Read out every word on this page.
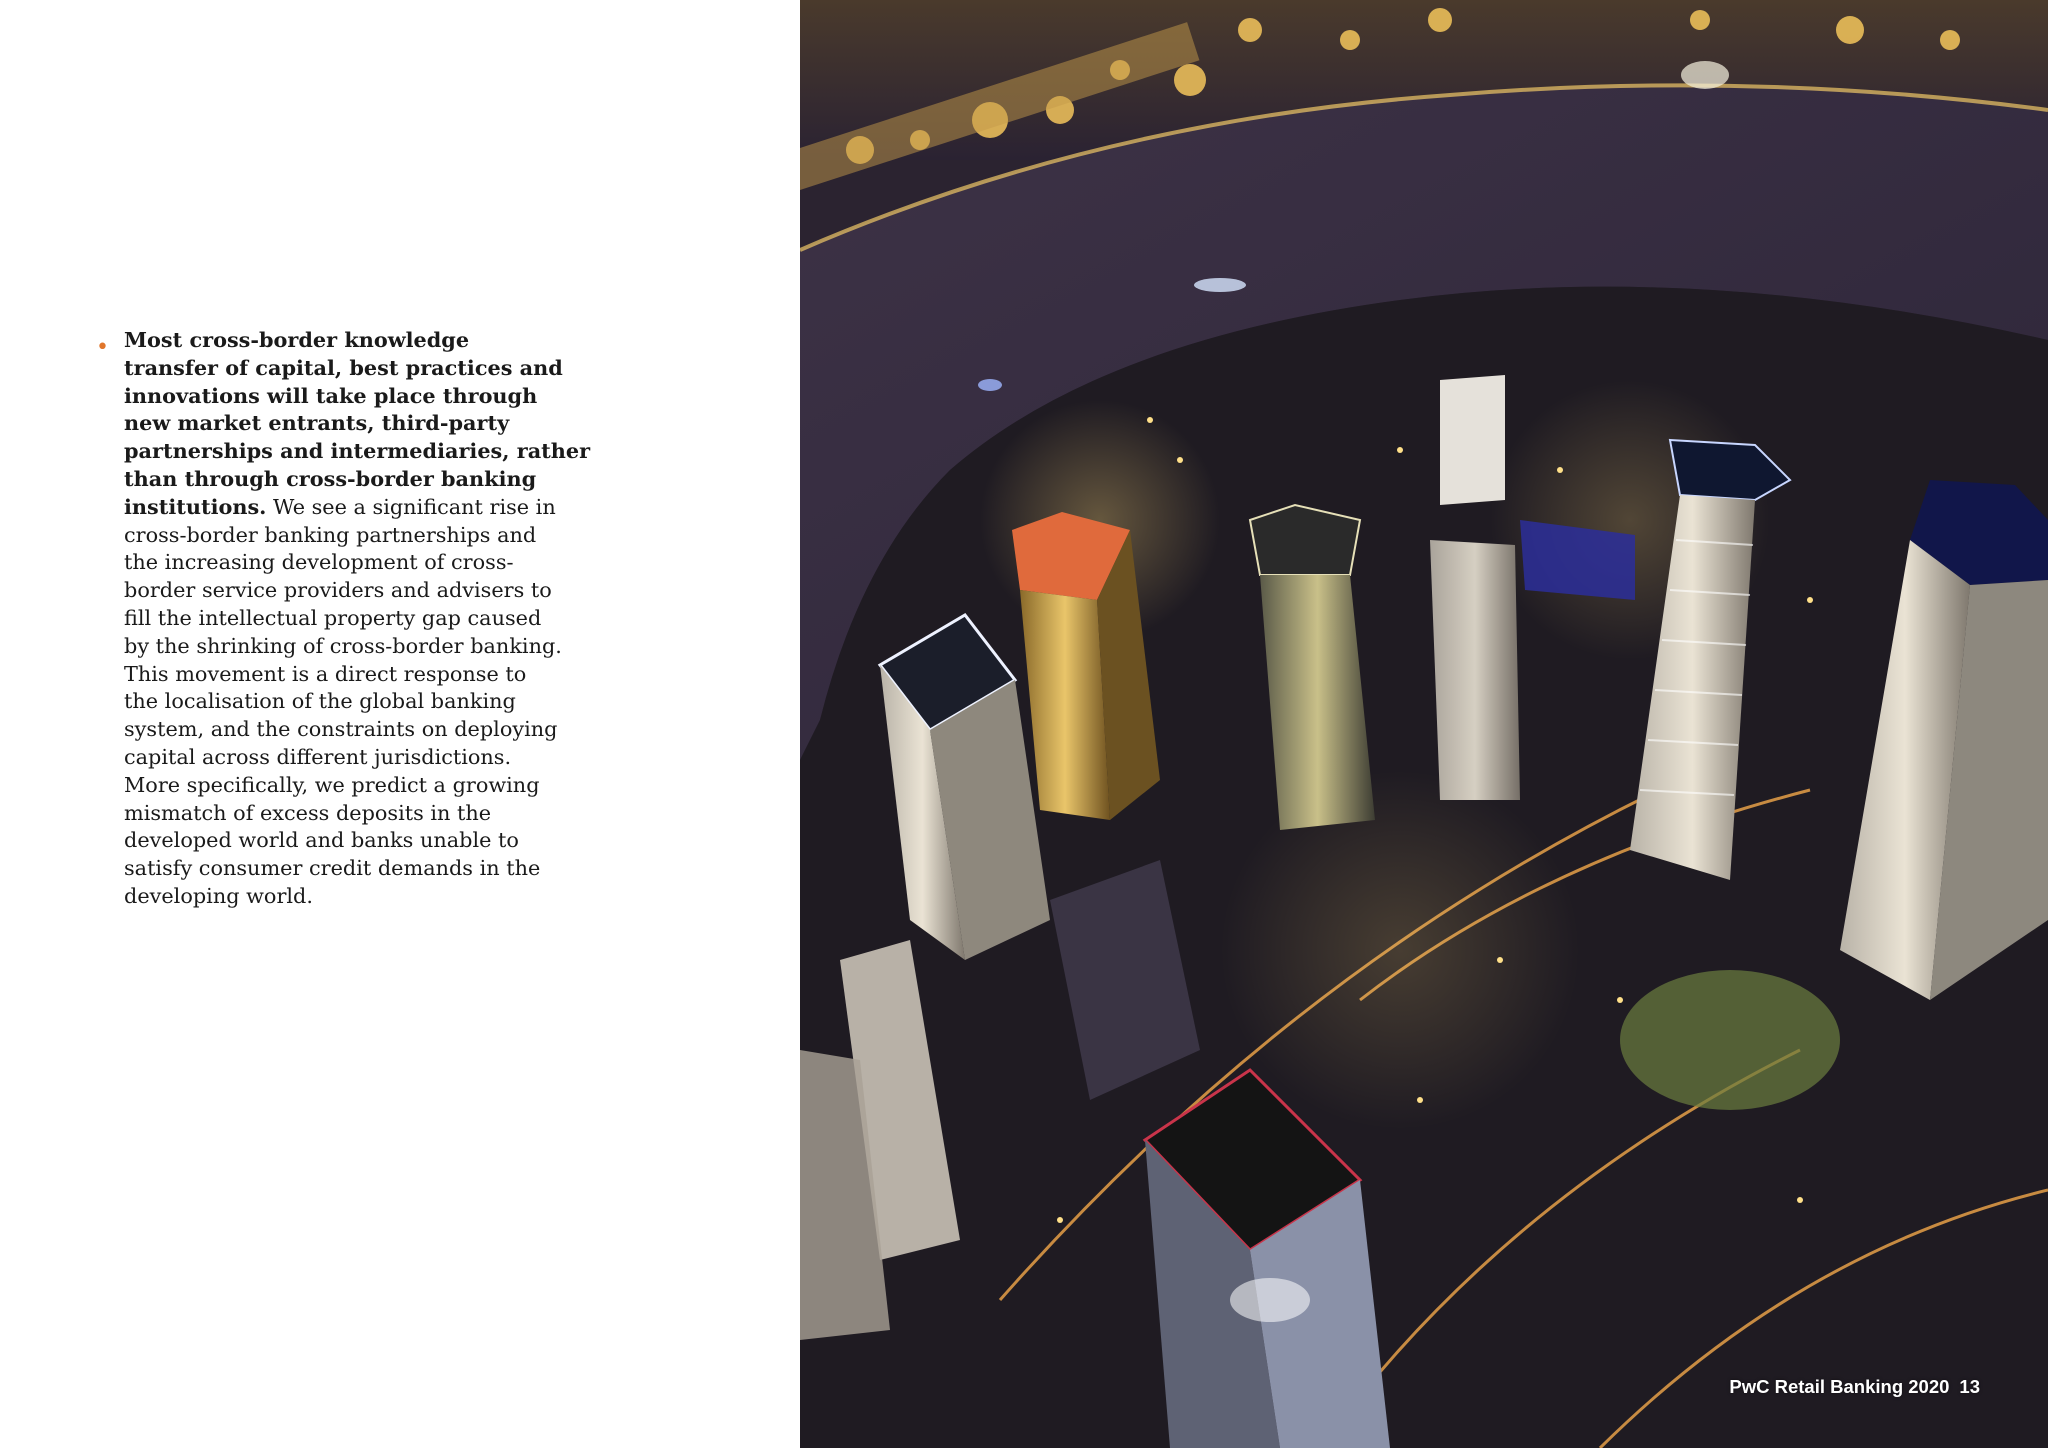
• Most cross-border knowledge
transfer of capital, best practices and
innovations will take place through
new market entrants, third-party
partnerships and intermediaries, rather
than through cross-border banking
institutions. We see a significant rise in
cross-border banking partnerships and
the increasing development of cross-
border service providers and advisers to
fill the intellectual property gap caused
by the shrinking of cross-border banking.
This movement is a direct response to
the localisation of the global banking
system, and the constraints on deploying
capital across different jurisdictions.
More specifically, we predict a growing
mismatch of excess deposits in the
developed world and banks unable to
satisfy consumer credit demands in the
developing world.

PwC Retail Banking 2020 13
